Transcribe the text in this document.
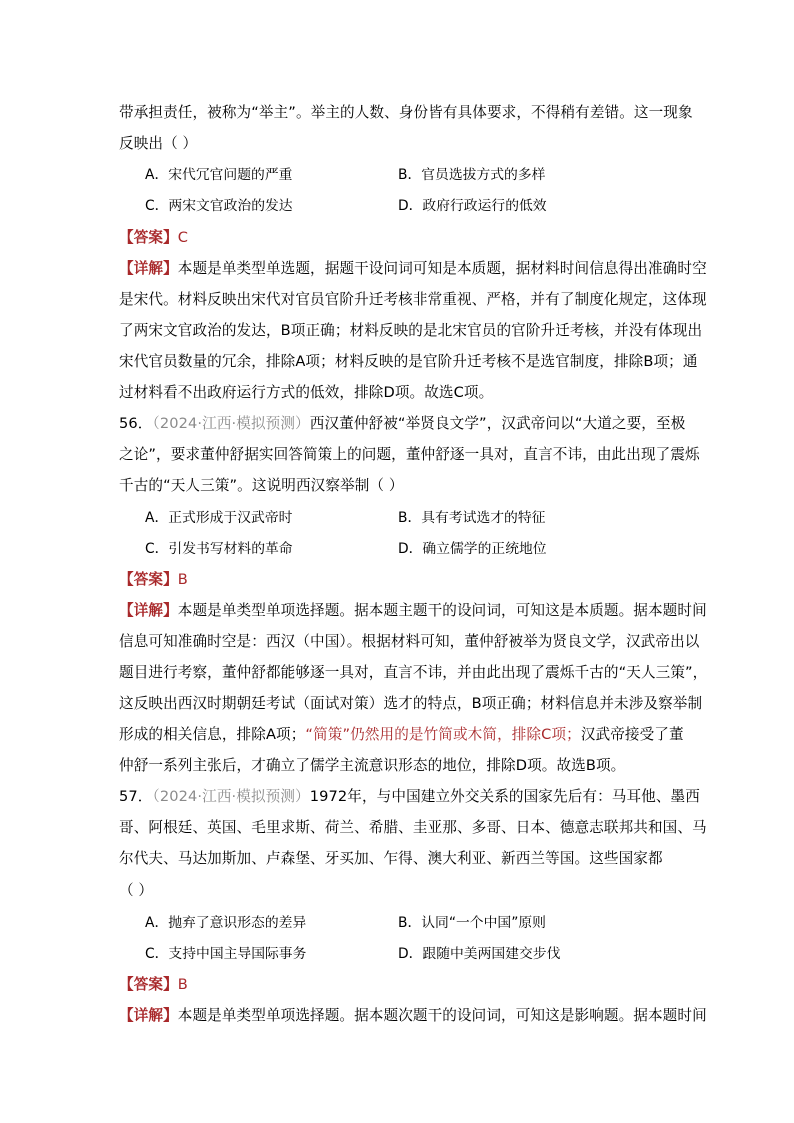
带承担责任，被称为“举主”。举主的人数、身份皆有具体要求，不得稍有差错。这一现象
反映出（ ）
A．宋代冗官问题的严重	B．官员选拔方式的多样
C．两宋文官政治的发达	D．政府行政运行的低效
【答案】C
【详解】本题是单类型单选题，据题干设问词可知是本质题，据材料时间信息得出准确时空
是宋代。材料反映出宋代对官员官阶升迁考核非常重视、严格，并有了制度化规定，这体现
了两宋文官政治的发达，B项正确；材料反映的是北宋官员的官阶升迁考核，并没有体现出
宋代官员数量的冗余，排除A项；材料反映的是官阶升迁考核不是选官制度，排除B项；通
过材料看不出政府运行方式的低效，排除D项。故选C项。
56．（2024·江西·模拟预测）西汉董仲舒被“举贤良文学”，汉武帝问以“大道之要，至极
之论”，要求董仲舒据实回答简策上的问题，董仲舒逐一具对，直言不讳，由此出现了震烁
千古的“天人三策”。这说明西汉察举制（ ）
A．正式形成于汉武帝时	B．具有考试选才的特征
C．引发书写材料的革命	D．确立儒学的正统地位
【答案】B
【详解】本题是单类型单项选择题。据本题主题干的设问词，可知这是本质题。据本题时间
信息可知准确时空是：西汉（中国）。根据材料可知，董仲舒被举为贤良文学，汉武帝出以
题目进行考察，董仲舒都能够逐一具对，直言不讳，并由此出现了震烁千古的“天人三策”，
这反映出西汉时期朝廷考试（面试对策）选才的特点，B项正确；材料信息并未涉及察举制
形成的相关信息，排除A项；“简策”仍然用的是竹简或木简，排除C项；汉武帝接受了董
仲舒一系列主张后，才确立了儒学主流意识形态的地位，排除D项。故选B项。
57．（2024·江西·模拟预测）1972年，与中国建立外交关系的国家先后有：马耳他、墨西
哥、阿根廷、英国、毛里求斯、荷兰、希腊、圭亚那、多哥、日本、德意志联邦共和国、马
尔代夫、马达加斯加、卢森堡、牙买加、乍得、澳大利亚、新西兰等国。这些国家都
（ ）
A．抛弃了意识形态的差异	B．认同“一个中国”原则
C．支持中国主导国际事务	D．跟随中美两国建交步伐
【答案】B
【详解】本题是单类型单项选择题。据本题次题干的设问词，可知这是影响题。据本题时间
